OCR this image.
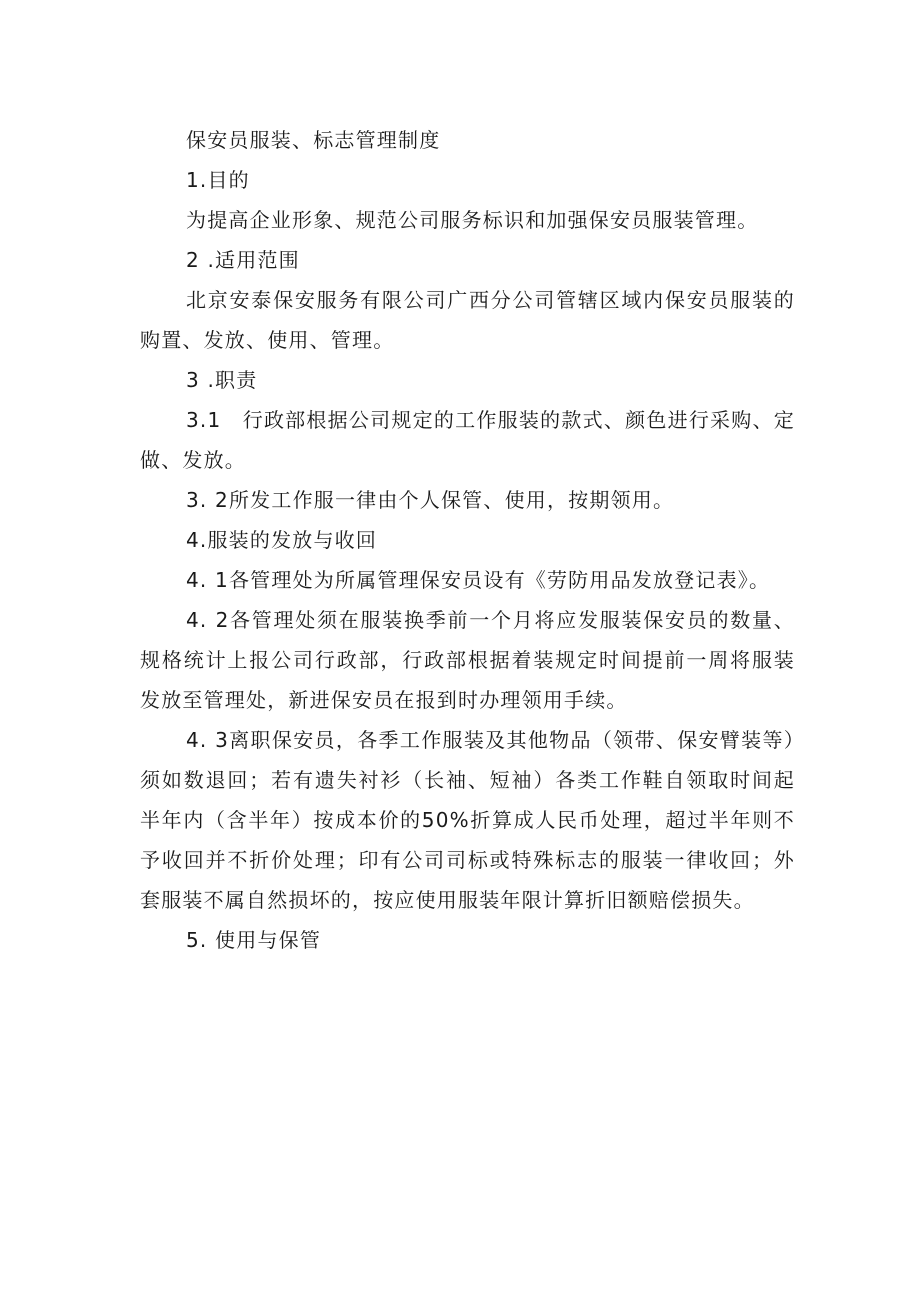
保安员服装、标志管理制度

1.目的

为提高企业形象、规范公司服务标识和加强保安员服装管理。

2 .适用范围

北京安泰保安服务有限公司广西分公司管辖区域内保安员服装的购置、发放、使用、管理。

3 .职责

3.1　行政部根据公司规定的工作服装的款式、颜色进行采购、定做、发放。

3. 2所发工作服一律由个人保管、使用，按期领用。

4.服装的发放与收回

4. 1各管理处为所属管理保安员设有《劳防用品发放登记表》。

4. 2各管理处须在服装换季前一个月将应发服装保安员的数量、规格统计上报公司行政部，行政部根据着装规定时间提前一周将服装发放至管理处，新进保安员在报到时办理领用手续。

4. 3离职保安员，各季工作服装及其他物品（领带、保安臂装等）须如数退回；若有遗失衬衫（长袖、短袖）各类工作鞋自领取时间起半年内（含半年）按成本价的50%折算成人民币处理，超过半年则不予收回并不折价处理；印有公司司标或特殊标志的服装一律收回；外套服装不属自然损坏的，按应使用服装年限计算折旧额赔偿损失。

5. 使用与保管
